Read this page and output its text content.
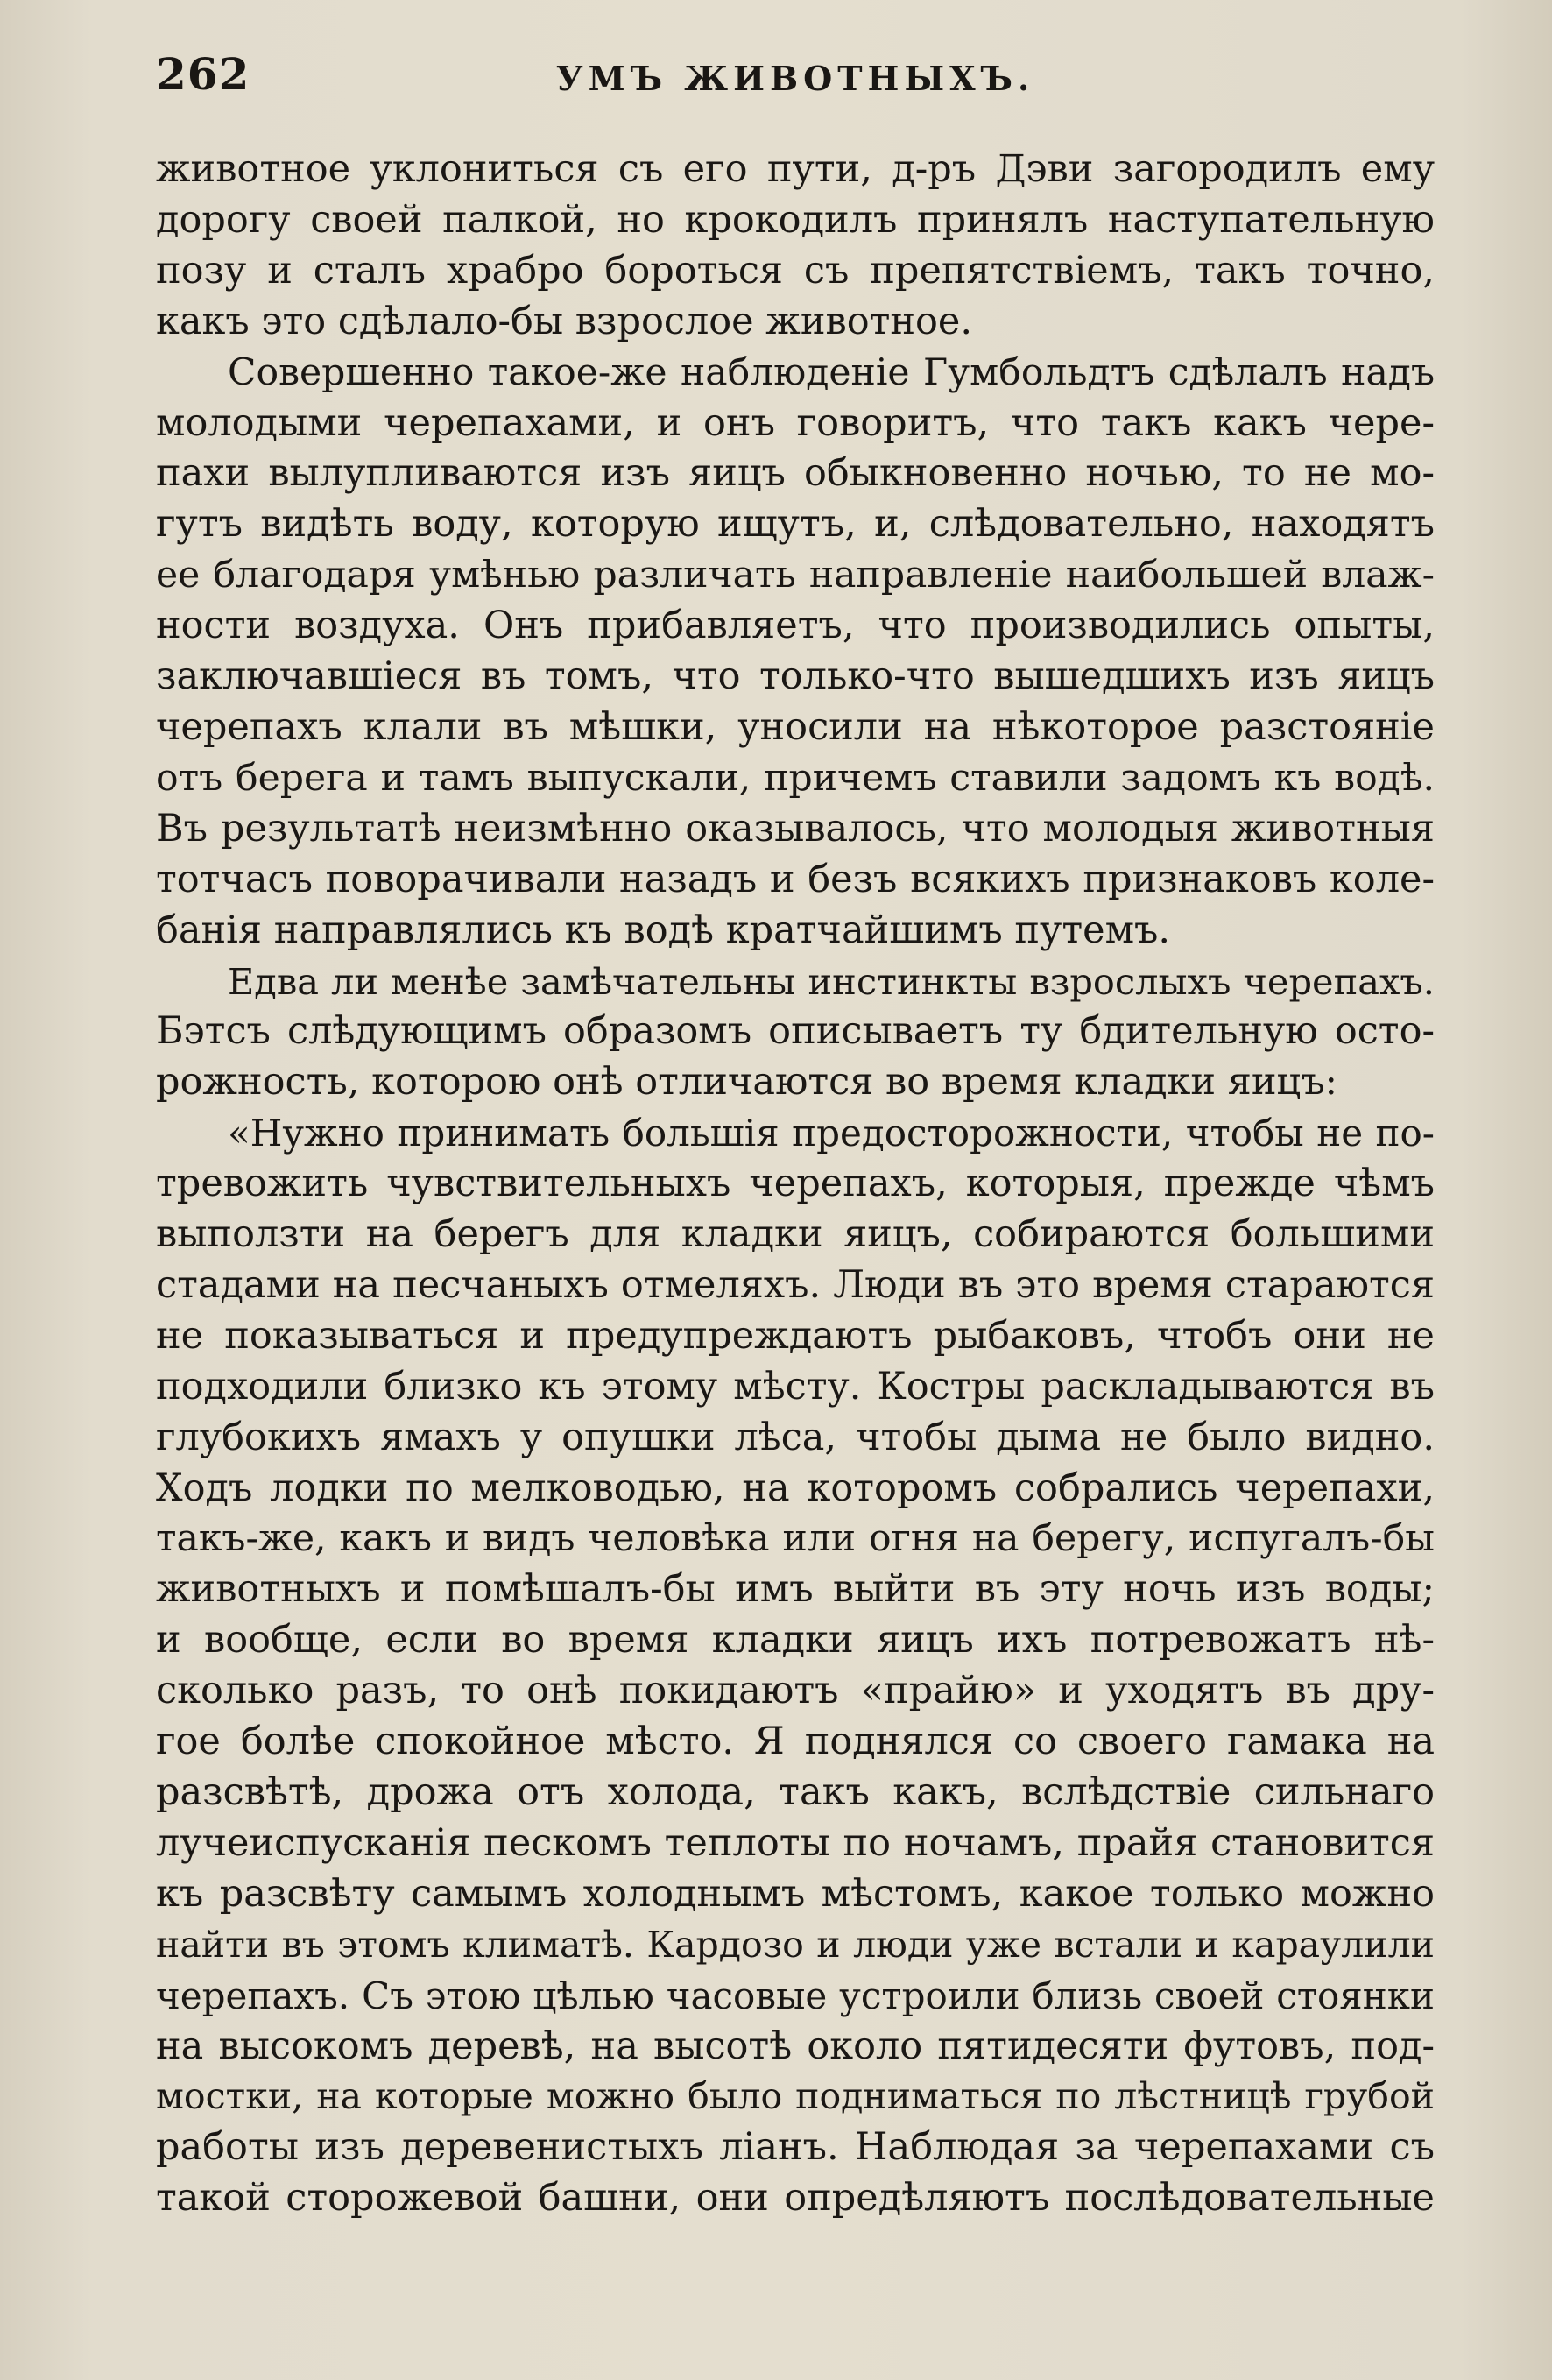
262	УМЪ ЖИВОТНЫХЪ.

животное уклониться съ его пути, д-ръ Дэви загородилъ ему

дорогу своей палкой, но крокодилъ принялъ наступательную

позу и сталъ храбро бороться съ препятствіемъ, такъ точно,

какъ это сдѣлало-бы взрослое животное.

Совершенно такое-же наблюденіе Гумбольдтъ сдѣлалъ надъ

молодыми черепахами, и онъ говоритъ, что такъ какъ чере-

пахи вылупливаются изъ яицъ обыкновенно ночью, то не мо-

гутъ видѣть воду, которую ищутъ, и, слѣдовательно, находятъ

ее благодаря умѣнью различать направленіе наибольшей влаж-

ности воздуха. Онъ прибавляетъ, что производились опыты,

заключавшіеся въ томъ, что только-что вышедшихъ изъ яицъ

черепахъ клали въ мѣшки, уносили на нѣкоторое разстояніе

отъ берега и тамъ выпускали, причемъ ставили задомъ къ водѣ.

Въ результатѣ неизмѣнно оказывалось, что молодыя животныя

тотчасъ поворачивали назадъ и безъ всякихъ признаковъ коле-

банія направлялись къ водѣ кратчайшимъ путемъ.

Едва ли менѣе замѣчательны инстинкты взрослыхъ черепахъ.

Бэтсъ слѣдующимъ образомъ описываетъ ту бдительную осто-

рожность, которою онѣ отличаются во время кладки яицъ:

«Нужно принимать большія предосторожности, чтобы не по-

тревожить чувствительныхъ черепахъ, которыя, прежде чѣмъ

выползти на берегъ для кладки яицъ, собираются большими

стадами на песчаныхъ отмеляхъ. Люди въ это время стараются

не показываться и предупреждаютъ рыбаковъ, чтобъ они не

подходили близко къ этому мѣсту. Костры раскладываются въ

глубокихъ ямахъ у опушки лѣса, чтобы дыма не было видно.

Ходъ лодки по мелководью, на которомъ собрались черепахи,

такъ-же, какъ и видъ человѣка или огня на берегу, испугалъ-бы

животныхъ и помѣшалъ-бы имъ выйти въ эту ночь изъ воды;

и вообще, если во время кладки яицъ ихъ потревожатъ нѣ-

сколько разъ, то онѣ покидаютъ «прайю» и уходятъ въ дру-

гое болѣе спокойное мѣсто. Я поднялся со своего гамака на

разсвѣтѣ, дрожа отъ холода, такъ какъ, вслѣдствіе сильнаго

лучеиспусканія пескомъ теплоты по ночамъ, прайя становится

къ разсвѣту самымъ холоднымъ мѣстомъ, какое только можно

найти въ этомъ климатѣ. Кардозо и люди уже встали и караулили

черепахъ. Съ этою цѣлью часовые устроили близь своей стоянки

на высокомъ деревѣ, на высотѣ около пятидесяти футовъ, под-

мостки, на которые можно было подниматься по лѣстницѣ грубой

работы изъ деревенистыхъ ліанъ. Наблюдая за черепахами съ

такой сторожевой башни, они опредѣляютъ послѣдовательные
